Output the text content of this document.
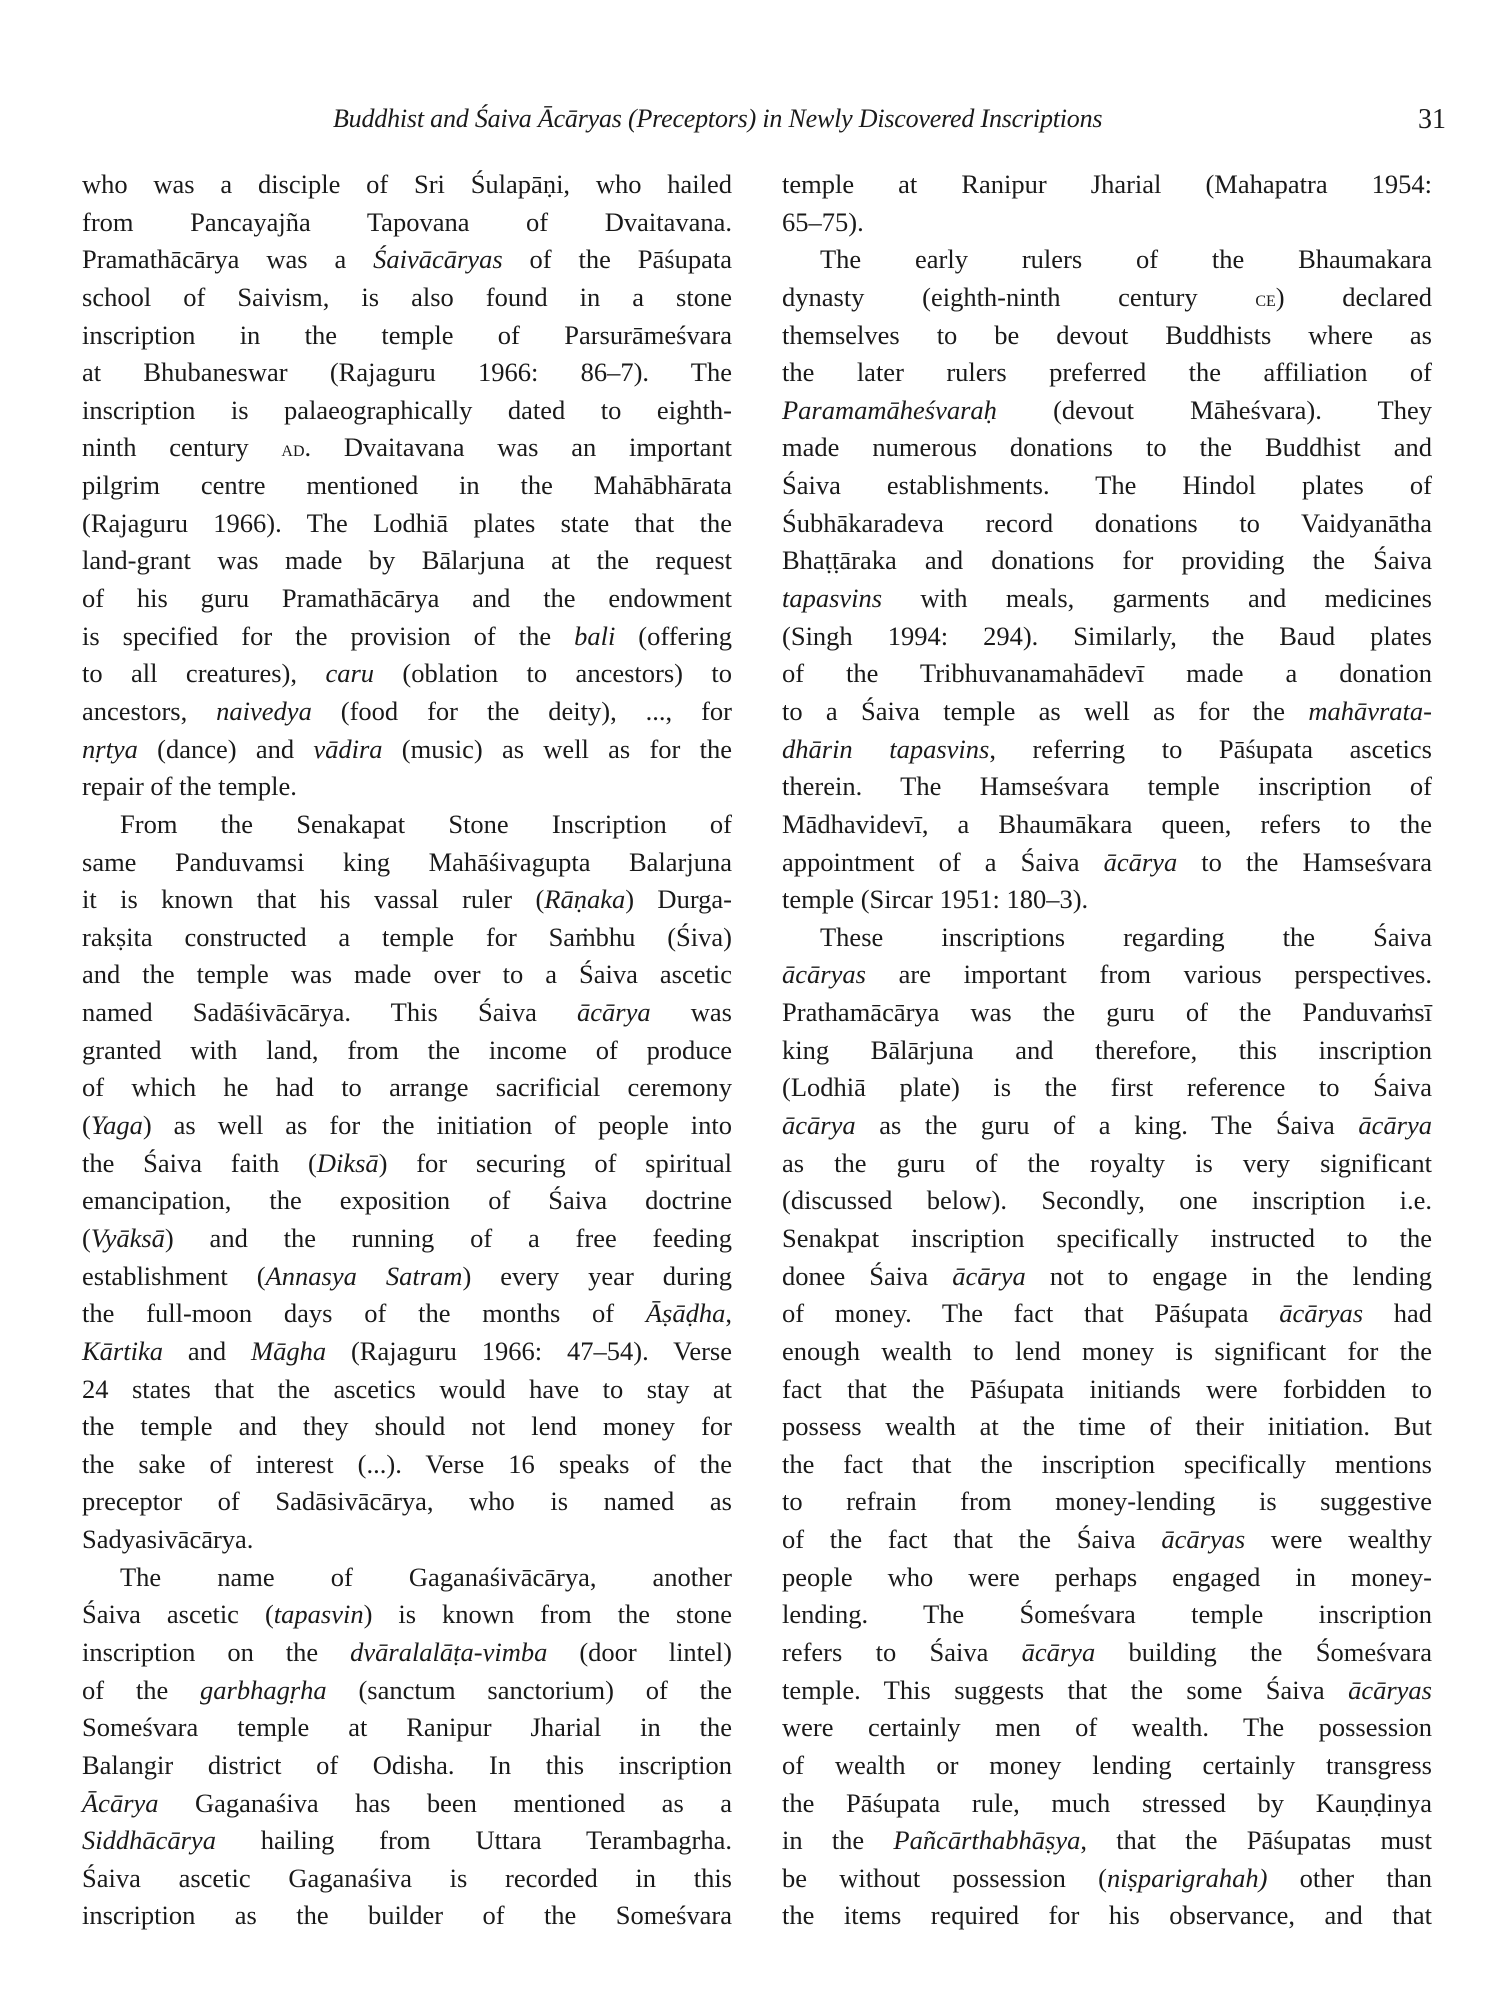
Buddhist and Śaiva Ācāryas (Preceptors) in Newly Discovered Inscriptions	31
who was a disciple of Sri Śulapāṇi, who hailed
from Pancayajña Tapovana of Dvaitavana.
Pramathācārya was a Śaivācāryas of the Pāśupata
school of Saivism, is also found in a stone
inscription in the temple of Parsurāmeśvara
at Bhubaneswar (Rajaguru 1966: 86–7). The
inscription is palaeographically dated to eighth-
ninth century ad. Dvaitavana was an important
pilgrim centre mentioned in the Mahābhārata
(Rajaguru 1966). The Lodhiā plates state that the
land-grant was made by Bālarjuna at the request
of his guru Pramathācārya and the endowment
is specified for the provision of the bali (offering
to all creatures), caru (oblation to ancestors) to
ancestors, naivedya (food for the deity), ..., for
nṛtya (dance) and vādira (music) as well as for the
repair of the temple.
From the Senakapat Stone Inscription of
same Panduvamsi king Mahāśivagupta Balarjuna
it is known that his vassal ruler (Rāṇaka) Durga-
rakṣita constructed a temple for Saṁbhu (Śiva)
and the temple was made over to a Śaiva ascetic
named Sadāśivācārya. This Śaiva ācārya was
granted with land, from the income of produce
of which he had to arrange sacrificial ceremony
(Yaga) as well as for the initiation of people into
the Śaiva faith (Diksā) for securing of spiritual
emancipation, the exposition of Śaiva doctrine
(Vyāksā) and the running of a free feeding
establishment (Annasya Satram) every year during
the full-moon days of the months of Āṣāḍha,
Kārtika and Māgha (Rajaguru 1966: 47–54). Verse
24 states that the ascetics would have to stay at
the temple and they should not lend money for
the sake of interest (...). Verse 16 speaks of the
preceptor of Sadāsivācārya, who is named as
Sadyasivācārya.
The name of Gaganaśivācārya, another
Śaiva ascetic (tapasvin) is known from the stone
inscription on the dvāralalāṭa-vimba (door lintel)
of the garbhagṛha (sanctum sanctorium) of the
Someśvara temple at Ranipur Jharial in the
Balangir district of Odisha. In this inscription
Ācārya Gaganaśiva has been mentioned as a
Siddhācārya hailing from Uttara Terambagrha.
Śaiva ascetic Gaganaśiva is recorded in this
inscription as the builder of the Someśvara
temple at Ranipur Jharial (Mahapatra 1954:
65–75).
The early rulers of the Bhaumakara
dynasty (eighth-ninth century ce) declared
themselves to be devout Buddhists where as
the later rulers preferred the affiliation of
Paramamāheśvaraḥ (devout Māheśvara). They
made numerous donations to the Buddhist and
Śaiva establishments. The Hindol plates of
Śubhākaradeva record donations to Vaidyanātha
Bhaṭṭāraka and donations for providing the Śaiva
tapasvins with meals, garments and medicines
(Singh 1994: 294). Similarly, the Baud plates
of the Tribhuvanamahādevī made a donation
to a Śaiva temple as well as for the mahāvrata-
dhārin tapasvins, referring to Pāśupata ascetics
therein. The Hamseśvara temple inscription of
Mādhavidevī, a Bhaumākara queen, refers to the
appointment of a Śaiva ācārya to the Hamseśvara
temple (Sircar 1951: 180–3).
These inscriptions regarding the Śaiva
ācāryas are important from various perspectives.
Prathamācārya was the guru of the Panduvaṁsī
king Bālārjuna and therefore, this inscription
(Lodhiā plate) is the first reference to Śaiva
ācārya as the guru of a king. The Śaiva ācārya
as the guru of the royalty is very significant
(discussed below). Secondly, one inscription i.e.
Senakpat inscription specifically instructed to the
donee Śaiva ācārya not to engage in the lending
of money. The fact that Pāśupata ācāryas had
enough wealth to lend money is significant for the
fact that the Pāśupata initiands were forbidden to
possess wealth at the time of their initiation. But
the fact that the inscription specifically mentions
to refrain from money-lending is suggestive
of the fact that the Śaiva ācāryas were wealthy
people who were perhaps engaged in money-
lending. The Śomeśvara temple inscription
refers to Śaiva ācārya building the Śomeśvara
temple. This suggests that the some Śaiva ācāryas
were certainly men of wealth. The possession
of wealth or money lending certainly transgress
the Pāśupata rule, much stressed by Kauṇḍinya
in the Pañcārthabhāṣya, that the Pāśupatas must
be without possession (niṣparigrahah) other than
the items required for his observance, and that
